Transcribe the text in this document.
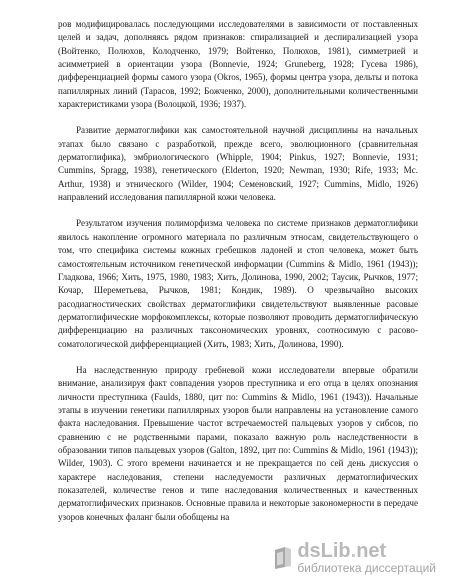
ров модифицировалась последующими исследователями в зависимости от поставленных целей и задач, дополняясь рядом признаков: спирализацией и деспирализацией узора (Войтенко, Полюхов, Колодченко, 1979; Войтенко, Полюхов, 1981), симметрией и асимметрией в ориентации узора (Bonnevie, 1924; Gruneberg, 1928; Гусева 1986), дифференциацией формы самого узора (Okros, 1965), формы центра узора, дельты и потока папиллярных линий (Тарасов, 1992; Божченко, 2000), дополнительными количественными характеристиками узора (Волоцкой, 1936; 1937).

Развитие дерматоглифики как самостоятельной научной дисциплины на начальных этапах было связано с разработкой, прежде всего, эволюционного (сравнительная дерматоглифика), эмбриологического (Whipple, 1904; Pinkus, 1927; Bonnevie, 1931; Cummins, Spragg, 1938), генетического (Elderton, 1920; Newman, 1930; Rife, 1933; Mc. Arthur, 1938) и этнического (Wilder, 1904; Семеновский, 1927; Cummins, Midlo, 1926) направлений исследования папиллярной кожи человека.

Результатом изучения полиморфизма человека по системе признаков дерматоглифики явилось накопление огромного материала по различным этносам, свидетельствующего о том, что специфика системы кожных гребешков ладоней и стоп человека, может быть самостоятельным источником генетической информации (Cummins & Midlo, 1961 (1943)); Гладкова, 1966; Хить, 1975, 1980, 1983; Хить, Долинова, 1990, 2002; Таусик, Рычков, 1977; Кочар, Шереметьева, Рычков, 1981; Кондик, 1989). О чрезвычайно высоких расодиагностических свойствах дерматоглифики свидетельствуют выявленные расовые дерматоглифические морфокомплексы, которые позволяют проводить дерматоглифическую дифференциацию на различных таксономических уровнях, соотносимую с расово-соматологической дифференциацией (Хить, 1983; Хить, Долинова, 1990).

На наследственную природу гребневой кожи исследователи впервые обратили внимание, анализируя факт совпадения узоров преступника и его отца в целях опознания личности преступника (Faulds, 1880, цит по: Cummins & Midlo, 1961 (1943)). Начальные этапы в изучении генетики папиллярных узоров были направлены на установление самого факта наследования. Превышение частот встречаемостей пальцевых узоров у сибсов, по сравнению с не родственными парами, показало важную роль наследственности в образовании типов пальцевых узоров (Galton, 1892, цит по: Cummins & Midlo, 1961 (1943)); Wilder, 1903). С этого времени начинается и не прекращается по сей день дискуссия о характере наследования, степени наследуемости различных дерматоглифических показателей, количестве генов и типе наследования количественных и качественных дерматоглифических признаков. Основные правила и некоторые закономерности в передаче узоров конечных фаланг были обобщены на

dsLib.net
библиотека диссертаций
